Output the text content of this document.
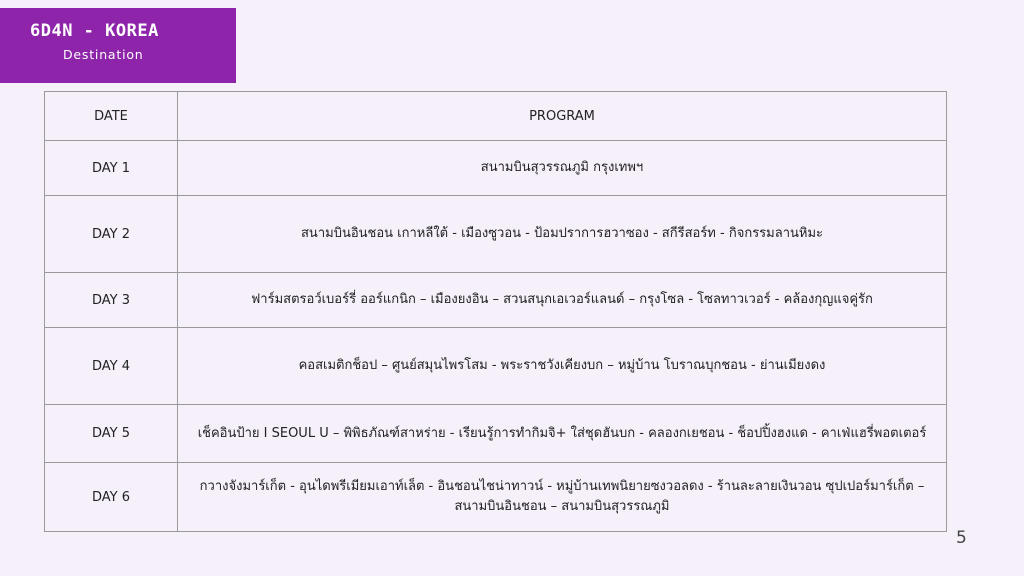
6D4N - KOREA
Destination
DATE	PROGRAM
DAY 1	สนามบินสุวรรณภูมิ กรุงเทพฯ
DAY 2	สนามบินอินชอน เกาหลีใต้ - เมืองซูวอน - ป้อมปราการฮวาซอง - สกีรีสอร์ท - กิจกรรมลานหิมะ
DAY 3	ฟาร์มสตรอว์เบอร์รี่ ออร์แกนิก – เมืองยงอิน – สวนสนุกเอเวอร์แลนด์ – กรุงโซล - โซลทาวเวอร์ - คล้องกุญแจคู่รัก
DAY 4	คอสเมติกช็อป – ศูนย์สมุนไพรโสม - พระราชวังเคียงบก – หมู่บ้าน โบราณบุกชอน - ย่านเมียงดง
DAY 5	เช็คอินป้าย I SEOUL U – พิพิธภัณฑ์สาหร่าย - เรียนรู้การทำกิมจิ+ ใส่ชุดฮันบก - คลองกเยชอน - ช็อปปิ้งฮงแด - คาเฟ่แฮรี่พอตเตอร์
DAY 6	กวางจังมาร์เก็ต - อุนไดพรีเมียมเอาท์เล็ต - อินชอนไชน่าทาวน์ - หมู่บ้านเทพนิยายซงวอลดง - ร้านละลายเงินวอน ซุปเปอร์มาร์เก็ต – สนามบินอินชอน – สนามบินสุวรรณภูมิ
5
